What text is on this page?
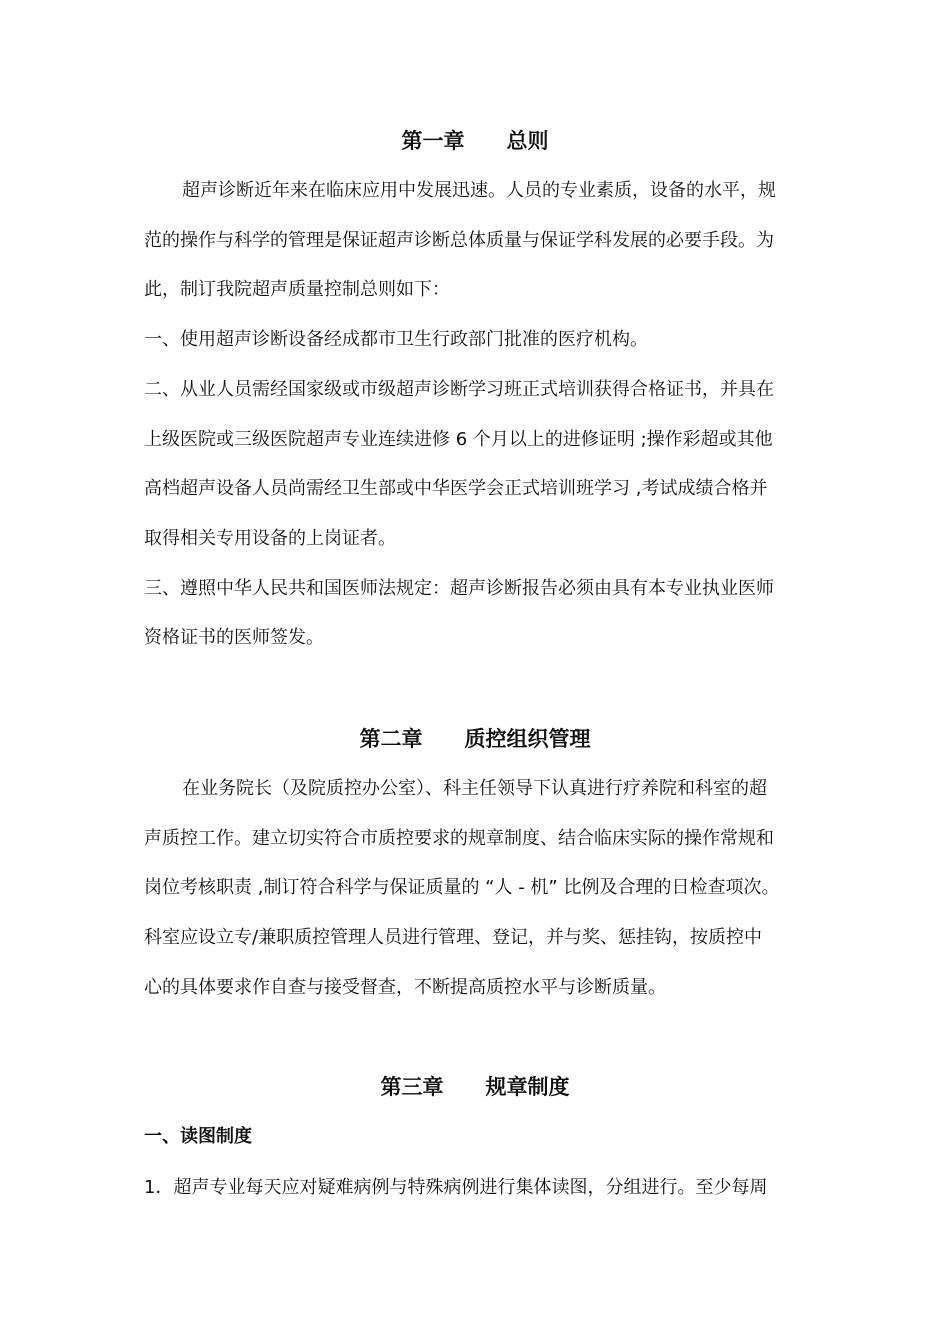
第一章　　总则

超声诊断近年来在临床应用中发展迅速。人员的专业素质，设备的水平，规

范的操作与科学的管理是保证超声诊断总体质量与保证学科发展的必要手段。为

此，制订我院超声质量控制总则如下：

一、使用超声诊断设备经成都市卫生行政部门批准的医疗机构。

二、从业人员需经国家级或市级超声诊断学习班正式培训获得合格证书，并具在

上级医院或三级医院超声专业连续进修 6 个月以上的进修证明 ;操作彩超或其他

高档超声设备人员尚需经卫生部或中华医学会正式培训班学习 ,考试成绩合格并

取得相关专用设备的上岗证者。

三、遵照中华人民共和国医师法规定：超声诊断报告必须由具有本专业执业医师

资格证书的医师签发。

第二章　　质控组织管理

在业务院长（及院质控办公室）、科主任领导下认真进行疗养院和科室的超

声质控工作。建立切实符合市质控要求的规章制度、结合临床实际的操作常规和

岗位考核职责 ,制订符合科学与保证质量的 “人 - 机” 比例及合理的日检查项次。

科室应设立专/兼职质控管理人员进行管理、登记，并与奖、惩挂钩，按质控中

心的具体要求作自查与接受督查，不断提高质控水平与诊断质量。

第三章　　规章制度
一、读图制度

1．超声专业每天应对疑难病例与特殊病例进行集体读图，分组进行。至少每周
